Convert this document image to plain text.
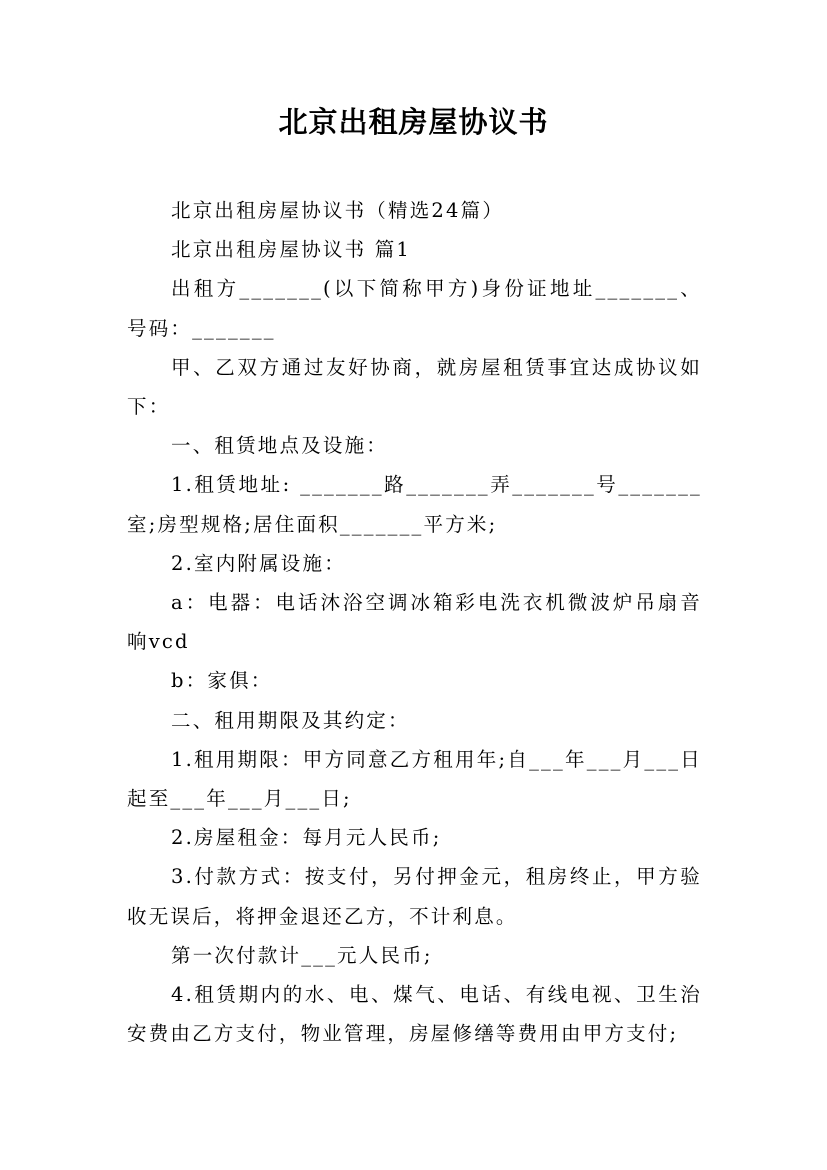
北京出租房屋协议书

北京出租房屋协议书（精选24篇）

北京出租房屋协议书 篇1

出租方_______(以下简称甲方)身份证地址_______、号码：_______

甲、乙双方通过友好协商，就房屋租赁事宜达成协议如下：

一、租赁地点及设施：

1.租赁地址: _______路_______弄_______号_______室;房型规格;居住面积_______平方米;

2.室内附属设施：

a：电器：电话沐浴空调冰箱彩电洗衣机微波炉吊扇音响vcd

b：家俱：

二、租用期限及其约定：

1.租用期限：甲方同意乙方租用年;自___年___月___日起至___年___月___日;

2.房屋租金：每月元人民币;

3.付款方式：按支付，另付押金元，租房终止，甲方验收无误后，将押金退还乙方，不计利息。

第一次付款计___元人民币;

4.租赁期内的水、电、煤气、电话、有线电视、卫生治安费由乙方支付，物业管理，房屋修缮等费用由甲方支付;
